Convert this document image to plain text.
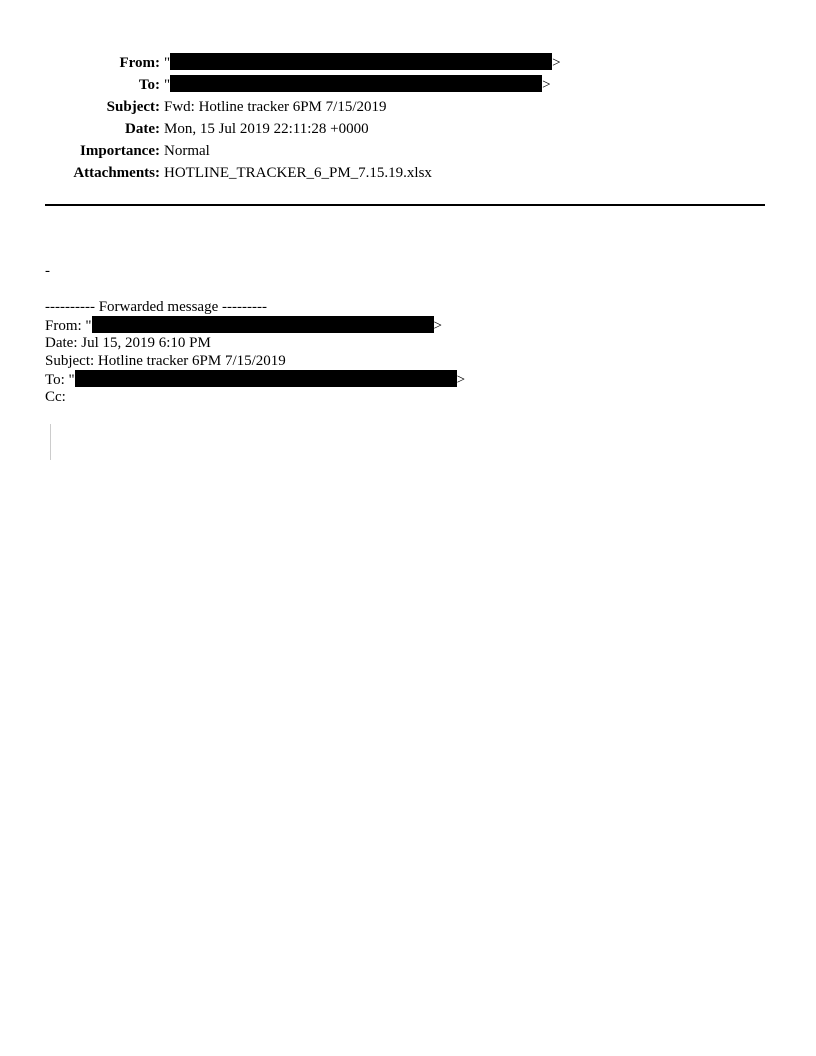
From: "	>
To: "	>
Subject: Fwd: Hotline tracker 6PM 7/15/2019
Date: Mon, 15 Jul 2019 22:11:28 +0000
Importance: Normal
Attachments: HOTLINE_TRACKER_6_PM_7.15.19.xlsx
-
---------- Forwarded message ---------
From: "	>
Date: Jul 15, 2019 6:10 PM
Subject: Hotline tracker 6PM 7/15/2019
To: "	>
Cc:
